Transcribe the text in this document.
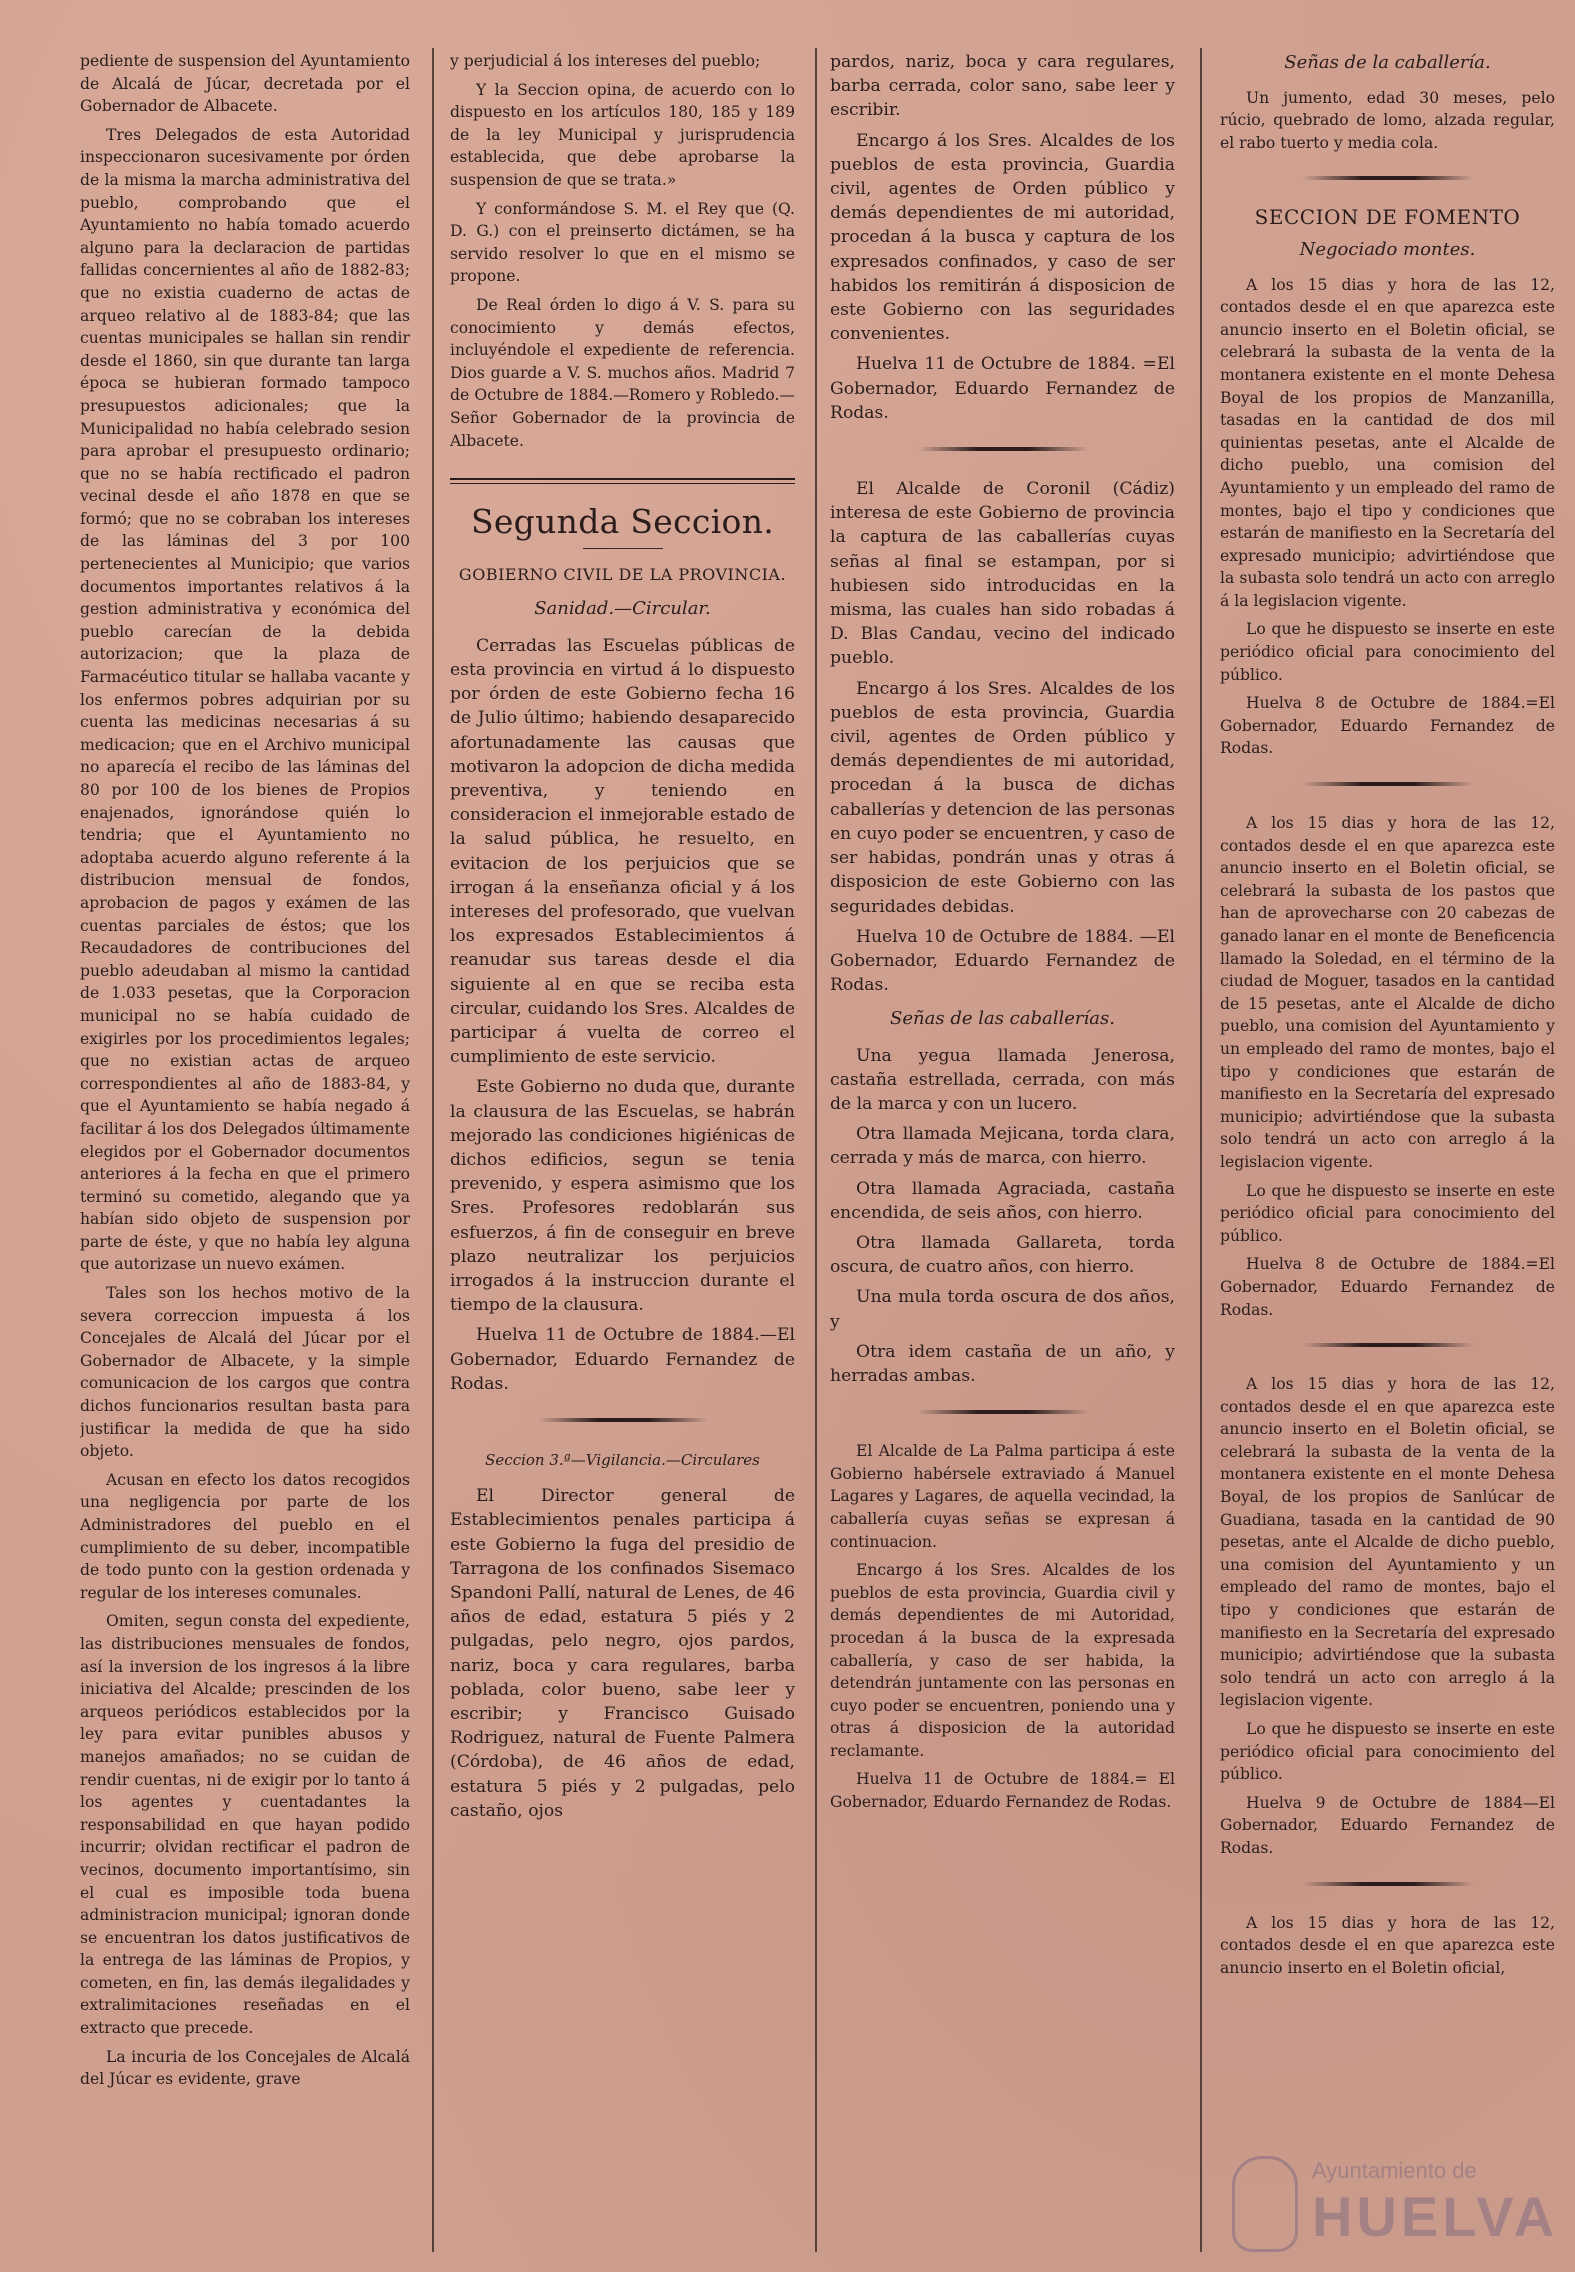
pediente de suspension del Ayuntamiento de Alcalá de Júcar, decretada por el Gobernador de Albacete.

Tres Delegados de esta Autoridad inspeccionaron sucesivamente por órden de la misma la marcha administrativa del pueblo, comprobando que el Ayuntamiento no había tomado acuerdo alguno para la declaracion de partidas fallidas concernientes al año de 1882-83; que no existia cuaderno de actas de arqueo relativo al de 1883-84; que las cuentas municipales se hallan sin rendir desde el 1860, sin que durante tan larga época se hubieran formado tampoco presupuestos adicionales; que la Municipalidad no había celebrado sesion para aprobar el presupuesto ordinario; que no se había rectificado el padron vecinal desde el año 1878 en que se formó; que no se cobraban los intereses de las láminas del 3 por 100 pertenecientes al Municipio; que varios documentos importantes relativos á la gestion administrativa y económica del pueblo carecían de la debida autorizacion; que la plaza de Farmacéutico titular se hallaba vacante y los enfermos pobres adquirian por su cuenta las medicinas necesarias á su medicacion; que en el Archivo municipal no aparecía el recibo de las láminas del 80 por 100 de los bienes de Propios enajenados, ignorándose quién lo tendria; que el Ayuntamiento no adoptaba acuerdo alguno referente á la distribucion mensual de fondos, aprobacion de pagos y exámen de las cuentas parciales de éstos; que los Recaudadores de contribuciones del pueblo adeudaban al mismo la cantidad de 1.033 pesetas, que la Corporacion municipal no se había cuidado de exigirles por los procedimientos legales; que no existian actas de arqueo correspondientes al año de 1883-84, y que el Ayuntamiento se había negado á facilitar á los dos Delegados últimamente elegidos por el Gobernador documentos anteriores á la fecha en que el primero terminó su cometido, alegando que ya habían sido objeto de suspension por parte de éste, y que no había ley alguna que autorizase un nuevo exámen.

Tales son los hechos motivo de la severa correccion impuesta á los Concejales de Alcalá del Júcar por el Gobernador de Albacete, y la simple comunicacion de los cargos que contra dichos funcionarios resultan basta para justificar la medida de que ha sido objeto.

Acusan en efecto los datos recogidos una negligencia por parte de los Administradores del pueblo en el cumplimiento de su deber, incompatible de todo punto con la gestion ordenada y regular de los intereses comunales.

Omiten, segun consta del expediente, las distribuciones mensuales de fondos, así la inversion de los ingresos á la libre iniciativa del Alcalde; prescinden de los arqueos periódicos establecidos por la ley para evitar punibles abusos y manejos amañados; no se cuidan de rendir cuentas, ni de exigir por lo tanto á los agentes y cuentadantes la responsabilidad en que hayan podido incurrir; olvidan rectificar el padron de vecinos, documento importantísimo, sin el cual es imposible toda buena administracion municipal; ignoran donde se encuentran los datos justificativos de la entrega de las láminas de Propios, y cometen, en fin, las demás ilegalidades y extralimitaciones reseñadas en el extracto que precede.

La incuria de los Concejales de Alcalá del Júcar es evidente, grave

y perjudicial á los intereses del pueblo;

Y la Seccion opina, de acuerdo con lo dispuesto en los artículos 180, 185 y 189 de la ley Municipal y jurisprudencia establecida, que debe aprobarse la suspension de que se trata.»

Y conformándose S. M. el Rey que (Q. D. G.) con el preinserto dictámen, se ha servido resolver lo que en el mismo se propone.

De Real órden lo digo á V. S. para su conocimiento y demás efectos, incluyéndole el expediente de referencia. Dios guarde a V. S. muchos años. Madrid 7 de Octubre de 1884.—Romero y Robledo.—Señor Gobernador de la provincia de Albacete.

Segunda Seccion.
GOBIERNO CIVIL DE LA PROVINCIA.
Sanidad.—Circular.

Cerradas las Escuelas públicas de esta provincia en virtud á lo dispuesto por órden de este Gobierno fecha 16 de Julio último; habiendo desaparecido afortunadamente las causas que motivaron la adopcion de dicha medida preventiva, y teniendo en consideracion el inmejorable estado de la salud pública, he resuelto, en evitacion de los perjuicios que se irrogan á la enseñanza oficial y á los intereses del profesorado, que vuelvan los expresados Establecimientos á reanudar sus tareas desde el dia siguiente al en que se reciba esta circular, cuidando los Sres. Alcaldes de participar á vuelta de correo el cumplimiento de este servicio.

Este Gobierno no duda que, durante la clausura de las Escuelas, se habrán mejorado las condiciones higiénicas de dichos edificios, segun se tenia prevenido, y espera asimismo que los Sres. Profesores redoblarán sus esfuerzos, á fin de conseguir en breve plazo neutralizar los perjuicios irrogados á la instruccion durante el tiempo de la clausura.

Huelva 11 de Octubre de 1884.—El Gobernador, Eduardo Fernandez de Rodas.

Seccion 3.ª—Vigilancia.—Circulares

El Director general de Establecimientos penales participa á este Gobierno la fuga del presidio de Tarragona de los confinados Sisemaco Spandoni Pallí, natural de Lenes, de 46 años de edad, estatura 5 piés y 2 pulgadas, pelo negro, ojos pardos, nariz, boca y cara regulares, barba poblada, color bueno, sabe leer y escribir; y Francisco Guisado Rodriguez, natural de Fuente Palmera (Córdoba), de 46 años de edad, estatura 5 piés y 2 pulgadas, pelo castaño, ojos

pardos, nariz, boca y cara regulares, barba cerrada, color sano, sabe leer y escribir.

Encargo á los Sres. Alcaldes de los pueblos de esta provincia, Guardia civil, agentes de Orden público y demás dependientes de mi autoridad, procedan á la busca y captura de los expresados confinados, y caso de ser habidos los remitirán á disposicion de este Gobierno con las seguridades convenientes.

Huelva 11 de Octubre de 1884. =El Gobernador, Eduardo Fernandez de Rodas.

El Alcalde de Coronil (Cádiz) interesa de este Gobierno de provincia la captura de las caballerías cuyas señas al final se estampan, por si hubiesen sido introducidas en la misma, las cuales han sido robadas á D. Blas Candau, vecino del indicado pueblo.

Encargo á los Sres. Alcaldes de los pueblos de esta provincia, Guardia civil, agentes de Orden público y demás dependientes de mi autoridad, procedan á la busca de dichas caballerías y detencion de las personas en cuyo poder se encuentren, y caso de ser habidas, pondrán unas y otras á disposicion de este Gobierno con las seguridades debidas.

Huelva 10 de Octubre de 1884. —El Gobernador, Eduardo Fernandez de Rodas.

Señas de las caballerías.

Una yegua llamada Jenerosa, castaña estrellada, cerrada, con más de la marca y con un lucero.

Otra llamada Mejicana, torda clara, cerrada y más de marca, con hierro.

Otra llamada Agraciada, castaña encendida, de seis años, con hierro.

Otra llamada Gallareta, torda oscura, de cuatro años, con hierro.

Una mula torda oscura de dos años, y

Otra idem castaña de un año, y herradas ambas.

El Alcalde de La Palma participa á este Gobierno habérsele extraviado á Manuel Lagares y Lagares, de aquella vecindad, la caballería cuyas señas se expresan á continuacion.

Encargo á los Sres. Alcaldes de los pueblos de esta provincia, Guardia civil y demás dependientes de mi Autoridad, procedan á la busca de la expresada caballería, y caso de ser habida, la detendrán juntamente con las personas en cuyo poder se encuentren, poniendo una y otras á disposicion de la autoridad reclamante.

Huelva 11 de Octubre de 1884.= El Gobernador, Eduardo Fernandez de Rodas.

Señas de la caballería.

Un jumento, edad 30 meses, pelo rúcio, quebrado de lomo, alzada regular, el rabo tuerto y media cola.

SECCION DE FOMENTO
Negociado montes.

A los 15 dias y hora de las 12, contados desde el en que aparezca este anuncio inserto en el Boletin oficial, se celebrará la subasta de la venta de la montanera existente en el monte Dehesa Boyal de los propios de Manzanilla, tasadas en la cantidad de dos mil quinientas pesetas, ante el Alcalde de dicho pueblo, una comision del Ayuntamiento y un empleado del ramo de montes, bajo el tipo y condiciones que estarán de manifiesto en la Secretaría del expresado municipio; advirtiéndose que la subasta solo tendrá un acto con arreglo á la legislacion vigente.

Lo que he dispuesto se inserte en este periódico oficial para conocimiento del público.

Huelva 8 de Octubre de 1884.=El Gobernador, Eduardo Fernandez de Rodas.

A los 15 dias y hora de las 12, contados desde el en que aparezca este anuncio inserto en el Boletin oficial, se celebrará la subasta de los pastos que han de aprovecharse con 20 cabezas de ganado lanar en el monte de Beneficencia llamado la Soledad, en el término de la ciudad de Moguer, tasados en la cantidad de 15 pesetas, ante el Alcalde de dicho pueblo, una comision del Ayuntamiento y un empleado del ramo de montes, bajo el tipo y condiciones que estarán de manifiesto en la Secretaría del expresado municipio; advirtiéndose que la subasta solo tendrá un acto con arreglo á la legislacion vigente.

Lo que he dispuesto se inserte en este periódico oficial para conocimiento del público.

Huelva 8 de Octubre de 1884.=El Gobernador, Eduardo Fernandez de Rodas.

A los 15 dias y hora de las 12, contados desde el en que aparezca este anuncio inserto en el Boletin oficial, se celebrará la subasta de la venta de la montanera existente en el monte Dehesa Boyal, de los propios de Sanlúcar de Guadiana, tasada en la cantidad de 90 pesetas, ante el Alcalde de dicho pueblo, una comision del Ayuntamiento y un empleado del ramo de montes, bajo el tipo y condiciones que estarán de manifiesto en la Secretaría del expresado municipio; advirtiéndose que la subasta solo tendrá un acto con arreglo á la legislacion vigente.

Lo que he dispuesto se inserte en este periódico oficial para conocimiento del público.

Huelva 9 de Octubre de 1884—El Gobernador, Eduardo Fernandez de Rodas.

A los 15 dias y hora de las 12, contados desde el en que aparezca este anuncio inserto en el Boletin oficial,

Ayuntamiento de
HUELVA
